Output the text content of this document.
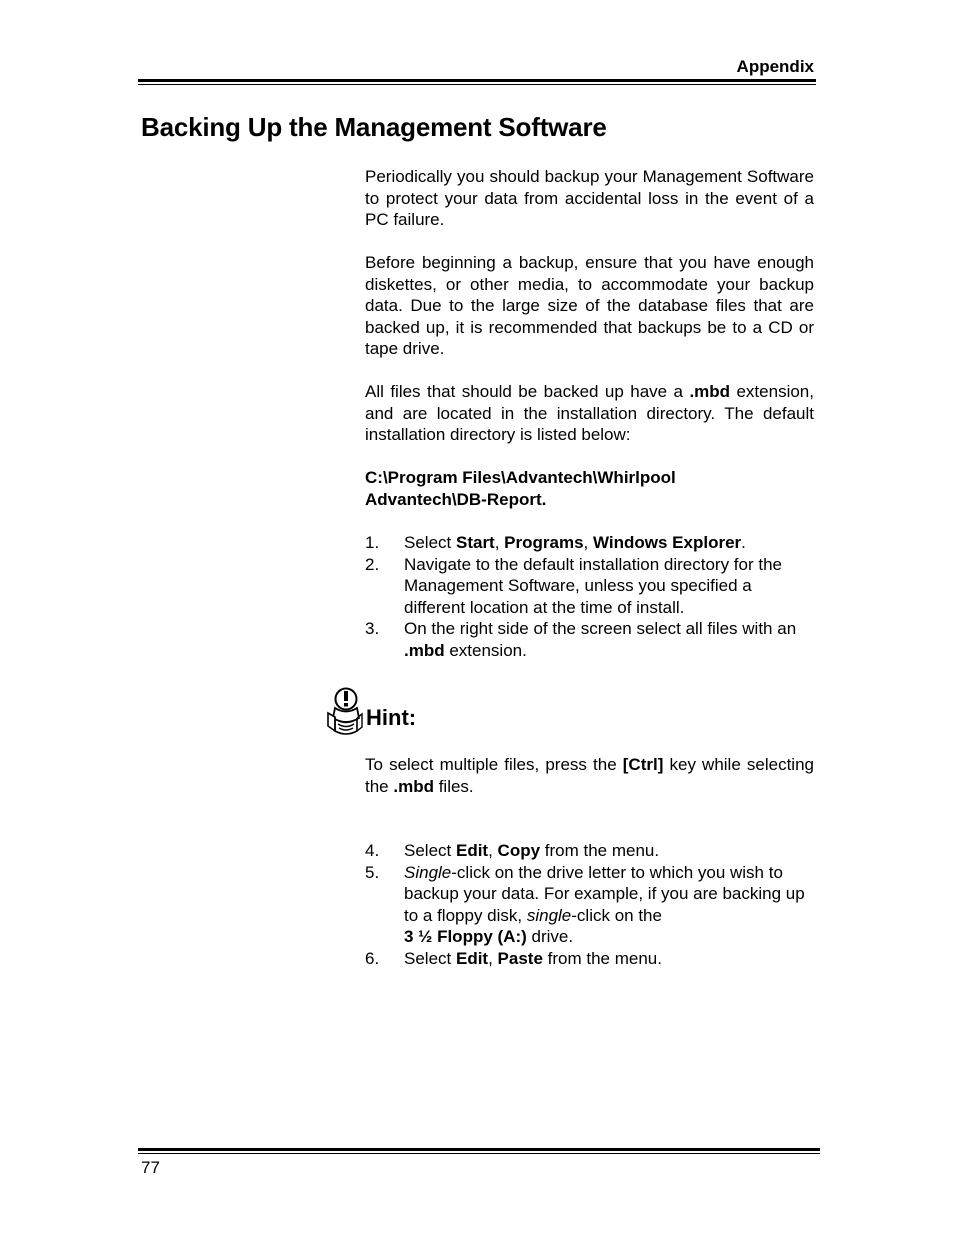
Appendix
Backing Up the Management Software

Periodically you should backup your Management Software to protect your data from accidental loss in the event of a PC failure.

Before beginning a backup, ensure that you have enough diskettes, or other media, to accommodate your backup data. Due to the large size of the database files that are backed up, it is recommended that backups be to a CD or tape drive.

All files that should be backed up have a .mbd extension, and are located in the installation directory. The default installation directory is listed below:

C:\Program Files\Advantech\Whirlpool
Advantech\DB-Report.
1. Select Start, Programs, Windows Explorer.
2. Navigate to the default installation directory for the Management Software, unless you specified a different location at the time of install.
3. On the right side of the screen select all files with an .mbd extension.
Hint:

To select multiple files, press the [Ctrl] key while selecting the .mbd files.

4. Select Edit, Copy from the menu.
5. Single-click on the drive letter to which you wish to backup your data. For example, if you are backing up to a floppy disk, single-click on the
3 ½ Floppy (A:) drive.
6. Select Edit, Paste from the menu.
77
